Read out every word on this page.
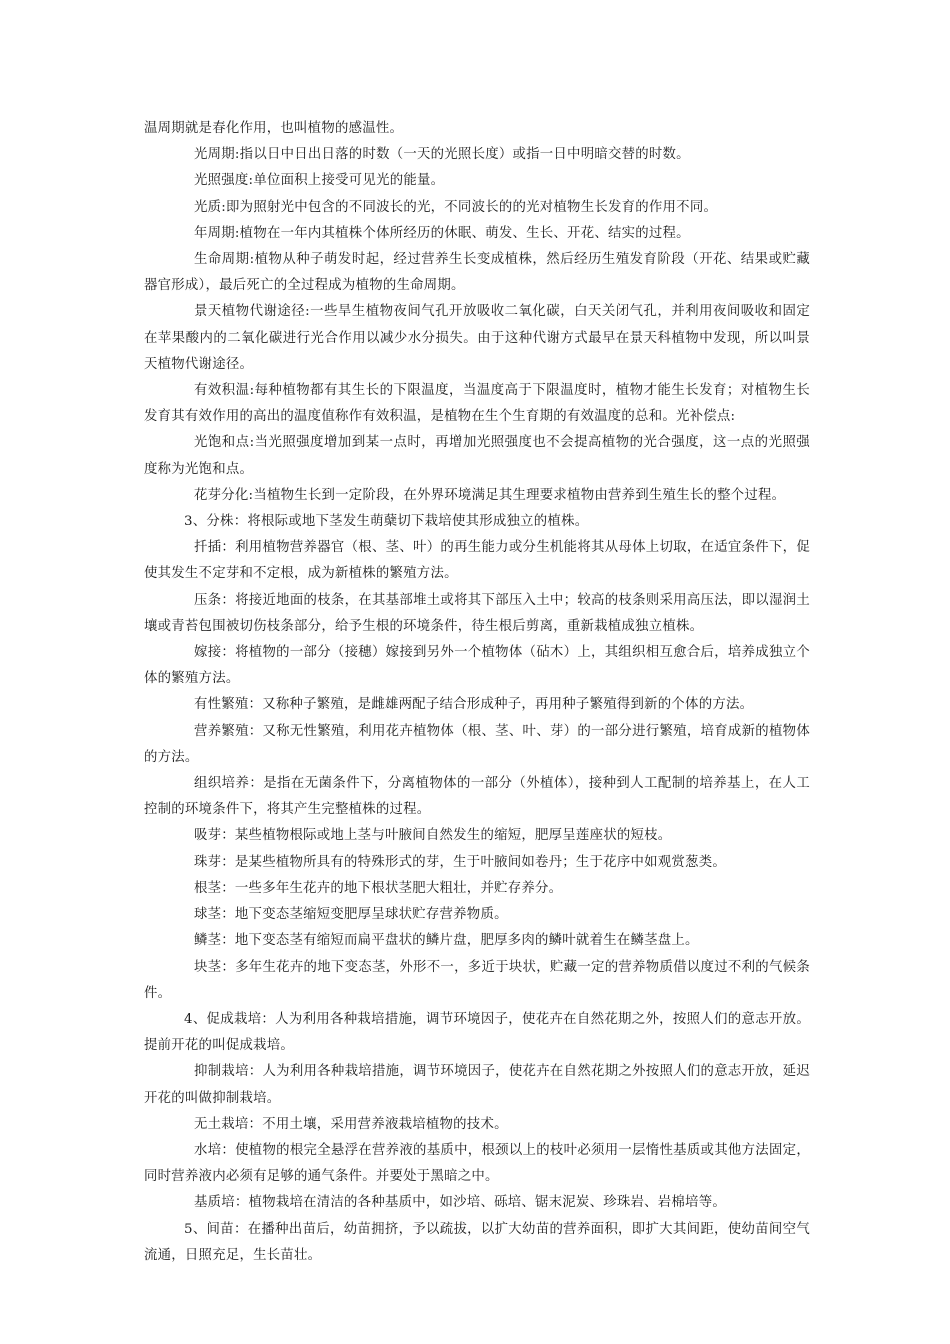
温周期就是春化作用，也叫植物的感温性。

光周期:指以日中日出日落的时数（一天的光照长度）或指一日中明暗交替的时数。

光照强度:单位面积上接受可见光的能量。

光质:即为照射光中包含的不同波长的光，不同波长的的光对植物生长发育的作用不同。

年周期:植物在一年内其植株个体所经历的休眠、萌发、生长、开花、结实的过程。

生命周期:植物从种子萌发时起，经过营养生长变成植株，然后经历生殖发育阶段（开花、结果或贮藏器官形成），最后死亡的全过程成为植物的生命周期。

景天植物代谢途径:一些旱生植物夜间气孔开放吸收二氧化碳，白天关闭气孔，并利用夜间吸收和固定在苹果酸内的二氧化碳进行光合作用以减少水分损失。由于这种代谢方式最早在景天科植物中发现，所以叫景天植物代谢途径。

有效积温:每种植物都有其生长的下限温度，当温度高于下限温度时，植物才能生长发育；对植物生长发育其有效作用的高出的温度值称作有效积温，是植物在生个生育期的有效温度的总和。光补偿点:

光饱和点:当光照强度增加到某一点时，再增加光照强度也不会提高植物的光合强度，这一点的光照强度称为光饱和点。

花芽分化:当植物生长到一定阶段，在外界环境满足其生理要求植物由营养到生殖生长的整个过程。

3、分株：将根际或地下茎发生萌蘖切下栽培使其形成独立的植株。

扦插：利用植物营养器官（根、茎、叶）的再生能力或分生机能将其从母体上切取，在适宜条件下，促使其发生不定芽和不定根，成为新植株的繁殖方法。

压条：将接近地面的枝条，在其基部堆土或将其下部压入土中；较高的枝条则采用高压法，即以湿润土壤或青苔包围被切伤枝条部分，给予生根的环境条件，待生根后剪离，重新栽植成独立植株。

嫁接：将植物的一部分（接穗）嫁接到另外一个植物体（砧木）上，其组织相互愈合后，培养成独立个体的繁殖方法。

有性繁殖：又称种子繁殖，是雌雄两配子结合形成种子，再用种子繁殖得到新的个体的方法。

营养繁殖：又称无性繁殖，利用花卉植物体（根、茎、叶、芽）的一部分进行繁殖，培育成新的植物体的方法。

组织培养：是指在无菌条件下，分离植物体的一部分（外植体），接种到人工配制的培养基上，在人工控制的环境条件下，将其产生完整植株的过程。

吸芽：某些植物根际或地上茎与叶腋间自然发生的缩短，肥厚呈莲座状的短枝。

珠芽：是某些植物所具有的特殊形式的芽，生于叶腋间如卷丹；生于花序中如观赏葱类。

根茎：一些多年生花卉的地下根状茎肥大粗壮，并贮存养分。

球茎：地下变态茎缩短变肥厚呈球状贮存营养物质。

鳞茎：地下变态茎有缩短而扁平盘状的鳞片盘，肥厚多肉的鳞叶就着生在鳞茎盘上。

块茎：多年生花卉的地下变态茎，外形不一，多近于块状，贮藏一定的营养物质借以度过不利的气候条件。

4、促成栽培：人为利用各种栽培措施，调节环境因子，使花卉在自然花期之外，按照人们的意志开放。提前开花的叫促成栽培。

抑制栽培：人为利用各种栽培措施，调节环境因子，使花卉在自然花期之外按照人们的意志开放，延迟开花的叫做抑制栽培。

无土栽培：不用土壤，采用营养液栽培植物的技术。

水培：使植物的根完全悬浮在营养液的基质中，根颈以上的枝叶必须用一层惰性基质或其他方法固定，同时营养液内必须有足够的通气条件。并要处于黑暗之中。

基质培：植物栽培在清洁的各种基质中，如沙培、砾培、锯末泥炭、珍珠岩、岩棉培等。

5、间苗：在播种出苗后，幼苗拥挤，予以疏拔，以扩大幼苗的营养面积，即扩大其间距，使幼苗间空气流通，日照充足，生长苗壮。
